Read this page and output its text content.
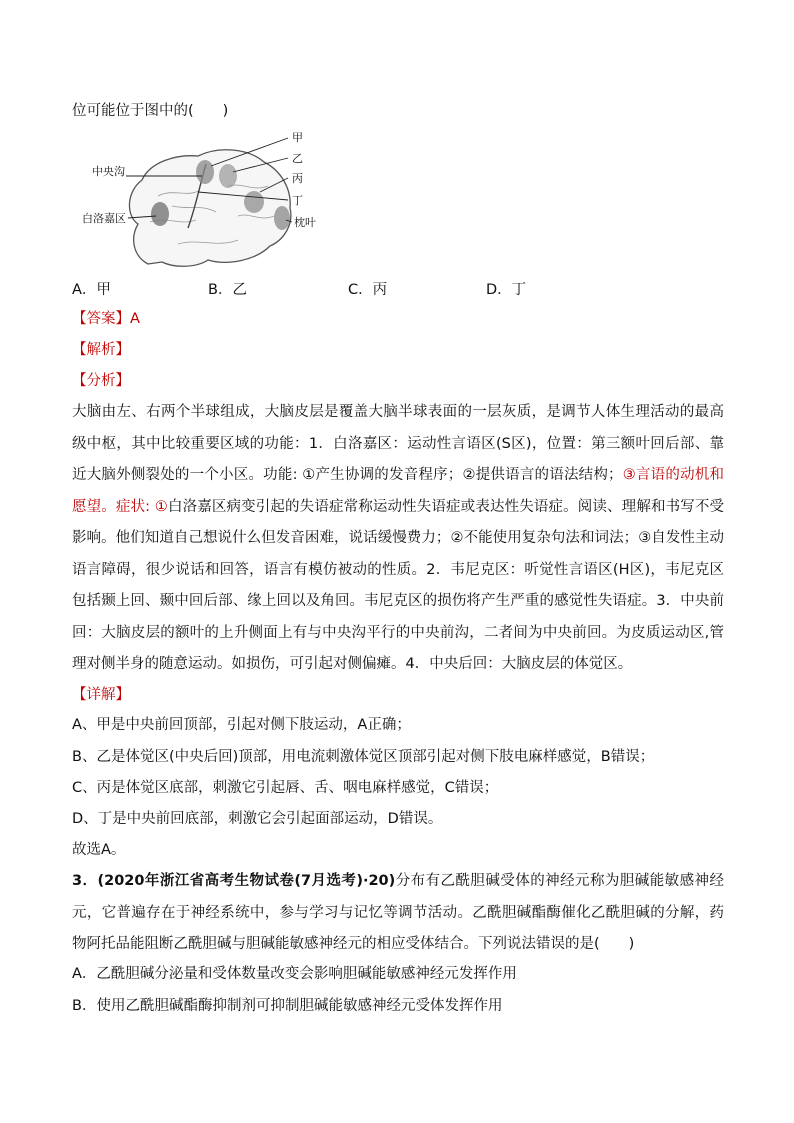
位可能位于图中的(　　)
甲
乙
丙
丁
中央沟
白洛嘉区	枕叶
A．甲	B．乙	C．丙	D．丁
【答案】A
【解析】
【分析】
大脑由左、右两个半球组成，大脑皮层是覆盖大脑半球表面的一层灰质，是调节人体生理活动的最高级中枢，其中比较重要区域的功能：1．白洛嘉区：运动性言语区(S区)，位置：第三额叶回后部、靠近大脑外侧裂处的一个小区。功能: ①产生协调的发音程序；②提供语言的语法结构；③言语的动机和愿望。症状: ①白洛嘉区病变引起的失语症常称运动性失语症或表达性失语症。阅读、理解和书写不受影响。他们知道自己想说什么但发音困难，说话缓慢费力；②不能使用复杂句法和词法；③自发性主动语言障碍，很少说话和回答，语言有模仿被动的性质。2．韦尼克区：听觉性言语区(H区)，韦尼克区包括颞上回、颞中回后部、缘上回以及角回。韦尼克区的损伤将产生严重的感觉性失语症。3．中央前回：大脑皮层的额叶的上升侧面上有与中央沟平行的中央前沟，二者间为中央前回。为皮质运动区,管理对侧半身的随意运动。如损伤，可引起对侧偏瘫。4．中央后回：大脑皮层的体觉区。
【详解】
A、甲是中央前回顶部，引起对侧下肢运动，A正确；
B、乙是体觉区(中央后回)顶部，用电流刺激体觉区顶部引起对侧下肢电麻样感觉，B错误；
C、丙是体觉区底部，刺激它引起唇、舌、咽电麻样感觉，C错误；
D、丁是中央前回底部，刺激它会引起面部运动，D错误。
故选A。
3．(2020年浙江省高考生物试卷(7月选考)·20)分布有乙酰胆碱受体的神经元称为胆碱能敏感神经元，它普遍存在于神经系统中，参与学习与记忆等调节活动。乙酰胆碱酯酶催化乙酰胆碱的分解，药物阿托品能阻断乙酰胆碱与胆碱能敏感神经元的相应受体结合。下列说法错误的是(　　)
A．乙酰胆碱分泌量和受体数量改变会影响胆碱能敏感神经元发挥作用
B．使用乙酰胆碱酯酶抑制剂可抑制胆碱能敏感神经元受体发挥作用
